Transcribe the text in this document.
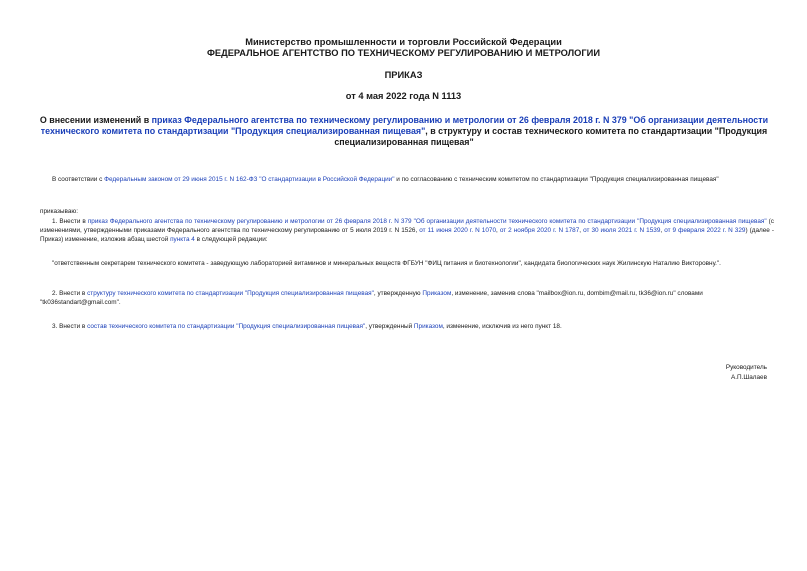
Министерство промышленности и торговли Российской Федерации
ФЕДЕРАЛЬНОЕ АГЕНТСТВО ПО ТЕХНИЧЕСКОМУ РЕГУЛИРОВАНИЮ И МЕТРОЛОГИИ
ПРИКАЗ
от 4 мая 2022 года N 1113
О внесении изменений в приказ Федерального агентства по техническому регулированию и метрологии от 26 февраля 2018 г. N 379 "Об организации деятельности технического комитета по стандартизации "Продукция специализированная пищевая", в структуру и состав технического комитета по стандартизации "Продукция специализированная пищевая"
В соответствии с Федеральным законом от 29 июня 2015 г. N 162-ФЗ "О стандартизации в Российской Федерации" и по согласованию с техническим комитетом по стандартизации "Продукция специализированная пищевая"
приказываю:
1. Внести в приказ Федерального агентства по техническому регулированию и метрологии от 26 февраля 2018 г. N 379 "Об организации деятельности технического комитета по стандартизации "Продукция специализированная пищевая" (с изменениями, утвержденными приказами Федерального агентства по техническому регулированию от 5 июля 2019 г. N 1526, от 11 июня 2020 г. N 1070, от 2 ноября 2020 г. N 1787, от 30 июля 2021 г. N 1539, от 9 февраля 2022 г. N 329) (далее - Приказ) изменение, изложив абзац шестой пункта 4 в следующей редакции:
"ответственным секретарем технического комитета - заведующую лабораторией витаминов и минеральных веществ ФГБУН "ФИЦ питания и биотехнологии", кандидата биологических наук Жилинскую Наталию Викторовну.".
2. Внести в структуру технического комитета по стандартизации "Продукция специализированная пищевая", утвержденную Приказом, изменение, заменив слова "mailbox@ion.ru, dombim@mail.ru, tk36@ion.ru" словами "tk036standart@gmail.com".
3. Внести в состав технического комитета по стандартизации "Продукция специализированная пищевая", утвержденный Приказом, изменение, исключив из него пункт 18.
Руководитель
А.П.Шалаев
